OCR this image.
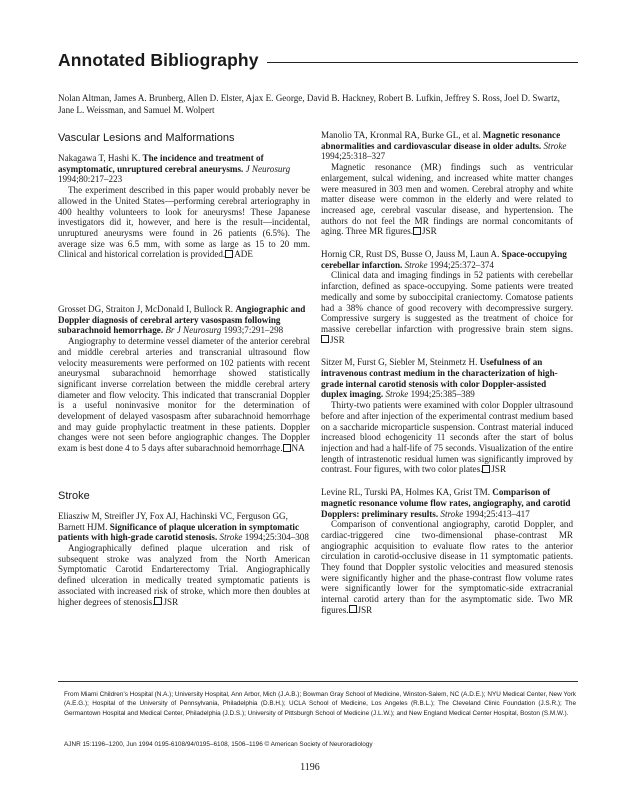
Annotated Bibliography
Nolan Altman, James A. Brunberg, Allen D. Elster, Ajax E. George, David B. Hackney, Robert B. Lufkin, Jeffrey S. Ross, Joel D. Swartz, Jane L. Weissman, and Samuel M. Wolpert
Vascular Lesions and Malformations
Nakagawa T, Hashi K. The incidence and treatment of asymptomatic, unruptured cerebral aneurysms. J Neurosurg 1994;80:217–223
The experiment described in this paper would probably never be allowed in the United States—performing cerebral arteriography in 400 healthy volunteers to look for aneurysms! These Japanese investigators did it, however, and here is the result—incidental, unruptured aneurysms were found in 26 patients (6.5%). The average size was 6.5 mm, with some as large as 15 to 20 mm. Clinical and historical correlation is provided. ADE
Grosset DG, Straiton J, McDonald I, Bullock R. Angiographic and Doppler diagnosis of cerebral artery vasospasm following subarachnoid hemorrhage. Br J Neurosurg 1993;7:291–298
Angiography to determine vessel diameter of the anterior cerebral and middle cerebral arteries and transcranial ultrasound flow velocity measurements were performed on 102 patients with recent aneurysmal subarachnoid hemorrhage showed statistically significant inverse correlation between the middle cerebral artery diameter and flow velocity. This indicated that transcranial Doppler is a useful noninvasive monitor for the determination of development of delayed vasospasm after subarachnoid hemorrhage and may guide prophylactic treatment in these patients. Doppler changes were not seen before angiographic changes. The Doppler exam is best done 4 to 5 days after subarachnoid hemorrhage. NA
Stroke
Eliasziw M, Streifler JY, Fox AJ, Hachinski VC, Ferguson GG, Barnett HJM. Significance of plaque ulceration in symptomatic patients with high-grade carotid stenosis. Stroke 1994;25:304–308
Angiographically defined plaque ulceration and risk of subsequent stroke was analyzed from the North American Symptomatic Carotid Endarterectomy Trial. Angiographically defined ulceration in medically treated symptomatic patients is associated with increased risk of stroke, which more then doubles at higher degrees of stenosis. JSR
Manolio TA, Kronmal RA, Burke GL, et al. Magnetic resonance abnormalities and cardiovascular disease in older adults. Stroke 1994;25:318–327
Magnetic resonance (MR) findings such as ventricular enlargement, sulcal widening, and increased white matter changes were measured in 303 men and women. Cerebral atrophy and white matter disease were common in the elderly and were related to increased age, cerebral vascular disease, and hypertension. The authors do not feel the MR findings are normal concomitants of aging. Three MR figures. JSR
Hornig CR, Rust DS, Busse O, Jauss M, Laun A. Space-occupying cerebellar infarction. Stroke 1994;25:372–374
Clinical data and imaging findings in 52 patients with cerebellar infarction, defined as space-occupying. Some patients were treated medically and some by suboccipital craniectomy. Comatose patients had a 38% chance of good recovery with decompressive surgery. Compressive surgery is suggested as the treatment of choice for massive cerebellar infarction with progressive brain stem signs.JSR
Sitzer M, Furst G, Siebler M, Steinmetz H. Usefulness of an intravenous contrast medium in the characterization of high-grade internal carotid stenosis with color Doppler-assisted duplex imaging. Stroke 1994;25:385–389
Thirty-two patients were examined with color Doppler ultrasound before and after injection of the experimental contrast medium based on a saccharide microparticle suspension. Contrast material induced increased blood echogenicity 11 seconds after the start of bolus injection and had a half-life of 75 seconds. Visualization of the entire length of intrastenotic residual lumen was significantly improved by contrast. Four figures, with two color plates. JSR
Levine RL, Turski PA, Holmes KA, Grist TM. Comparison of magnetic resonance volume flow rates, angiography, and carotid Dopplers: preliminary results. Stroke 1994;25:413–417
Comparison of conventional angiography, carotid Doppler, and cardiac-triggered cine two-dimensional phase-contrast MR angiographic acquisition to evaluate flow rates to the anterior circulation in carotid-occlusive disease in 11 symptomatic patients. They found that Doppler systolic velocities and measured stenosis were significantly higher and the phase-contrast flow volume rates were significantly lower for the symptomatic-side extracranial internal carotid artery than for the asymptomatic side. Two MR figures. JSR
From Miami Children’s Hospital (N.A.); University Hospital, Ann Arbor, Mich (J.A.B.); Bowman Gray School of Medicine, Winston-Salem, NC (A.D.E.); NYU Medical Center, New York (A.E.G.); Hospital of the University of Pennsylvania, Philadelphia (D.B.H.); UCLA School of Medicine, Los Angeles (R.B.L.); The Cleveland Clinic Foundation (J.S.R.); The Germantown Hospital and Medical Center, Philadelphia (J.D.S.); University of Pittsburgh School of Medicine (J.L.W.); and New England Medical Center Hospital, Boston (S.M.W.).
AJNR 15:1196–1200, Jun 1994 0195-6108/94/0195–6108, 1506–1196 © American Society of Neuroradiology
1196
